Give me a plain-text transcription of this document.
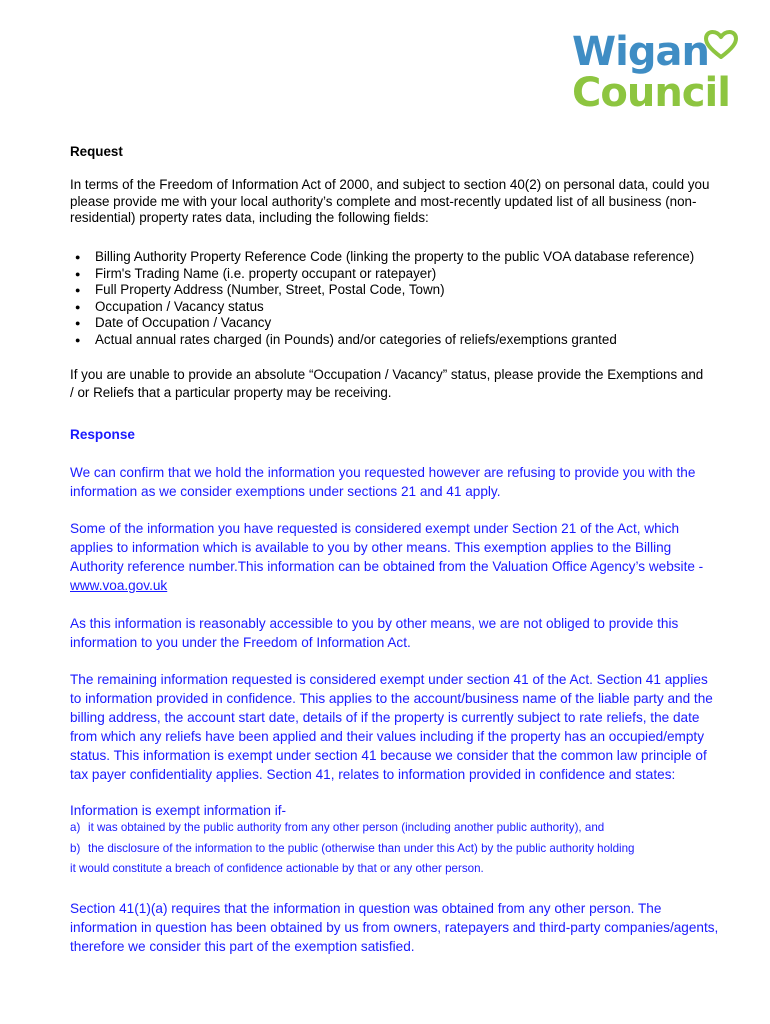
Wigan
Council
Request
In terms of the Freedom of Information Act of 2000, and subject to section 40(2) on personal data, could you please provide me with your local authority’s complete and most-recently updated list of all business (non-residential) property rates data, including the following fields:
● Billing Authority Property Reference Code (linking the property to the public VOA database reference)
● Firm's Trading Name (i.e. property occupant or ratepayer)
● Full Property Address (Number, Street, Postal Code, Town)
● Occupation / Vacancy status
● Date of Occupation / Vacancy
● Actual annual rates charged (in Pounds) and/or categories of reliefs/exemptions granted
If you are unable to provide an absolute “Occupation / Vacancy” status, please provide the Exemptions and / or Reliefs that a particular property may be receiving.

Response

We can confirm that we hold the information you requested however are refusing to provide you with the information as we consider exemptions under sections 21 and 41 apply.

Some of the information you have requested is considered exempt under Section 21 of the Act, which applies to information which is available to you by other means. This exemption applies to the Billing Authority reference number.This information can be obtained from the Valuation Office Agency’s website - www.voa.gov.uk

As this information is reasonably accessible to you by other means, we are not obliged to provide this information to you under the Freedom of Information Act.

The remaining information requested is considered exempt under section 41 of the Act. Section 41 applies to information provided in confidence. This applies to the account/business name of the liable party and the billing address, the account start date, details of if the property is currently subject to rate reliefs, the date from which any reliefs have been applied and their values including if the property has an occupied/empty status. This information is exempt under section 41 because we consider that the common law principle of tax payer confidentiality applies. Section 41, relates to information provided in confidence and states:

Information is exempt information if-

a) it was obtained by the public authority from any other person (including another public authority), and

b) the disclosure of the information to the public (otherwise than under this Act) by the public authority holding

it would constitute a breach of confidence actionable by that or any other person.

Section 41(1)(a) requires that the information in question was obtained from any other person. The information in question has been obtained by us from owners, ratepayers and third-party companies/agents, therefore we consider this part of the exemption satisfied.
